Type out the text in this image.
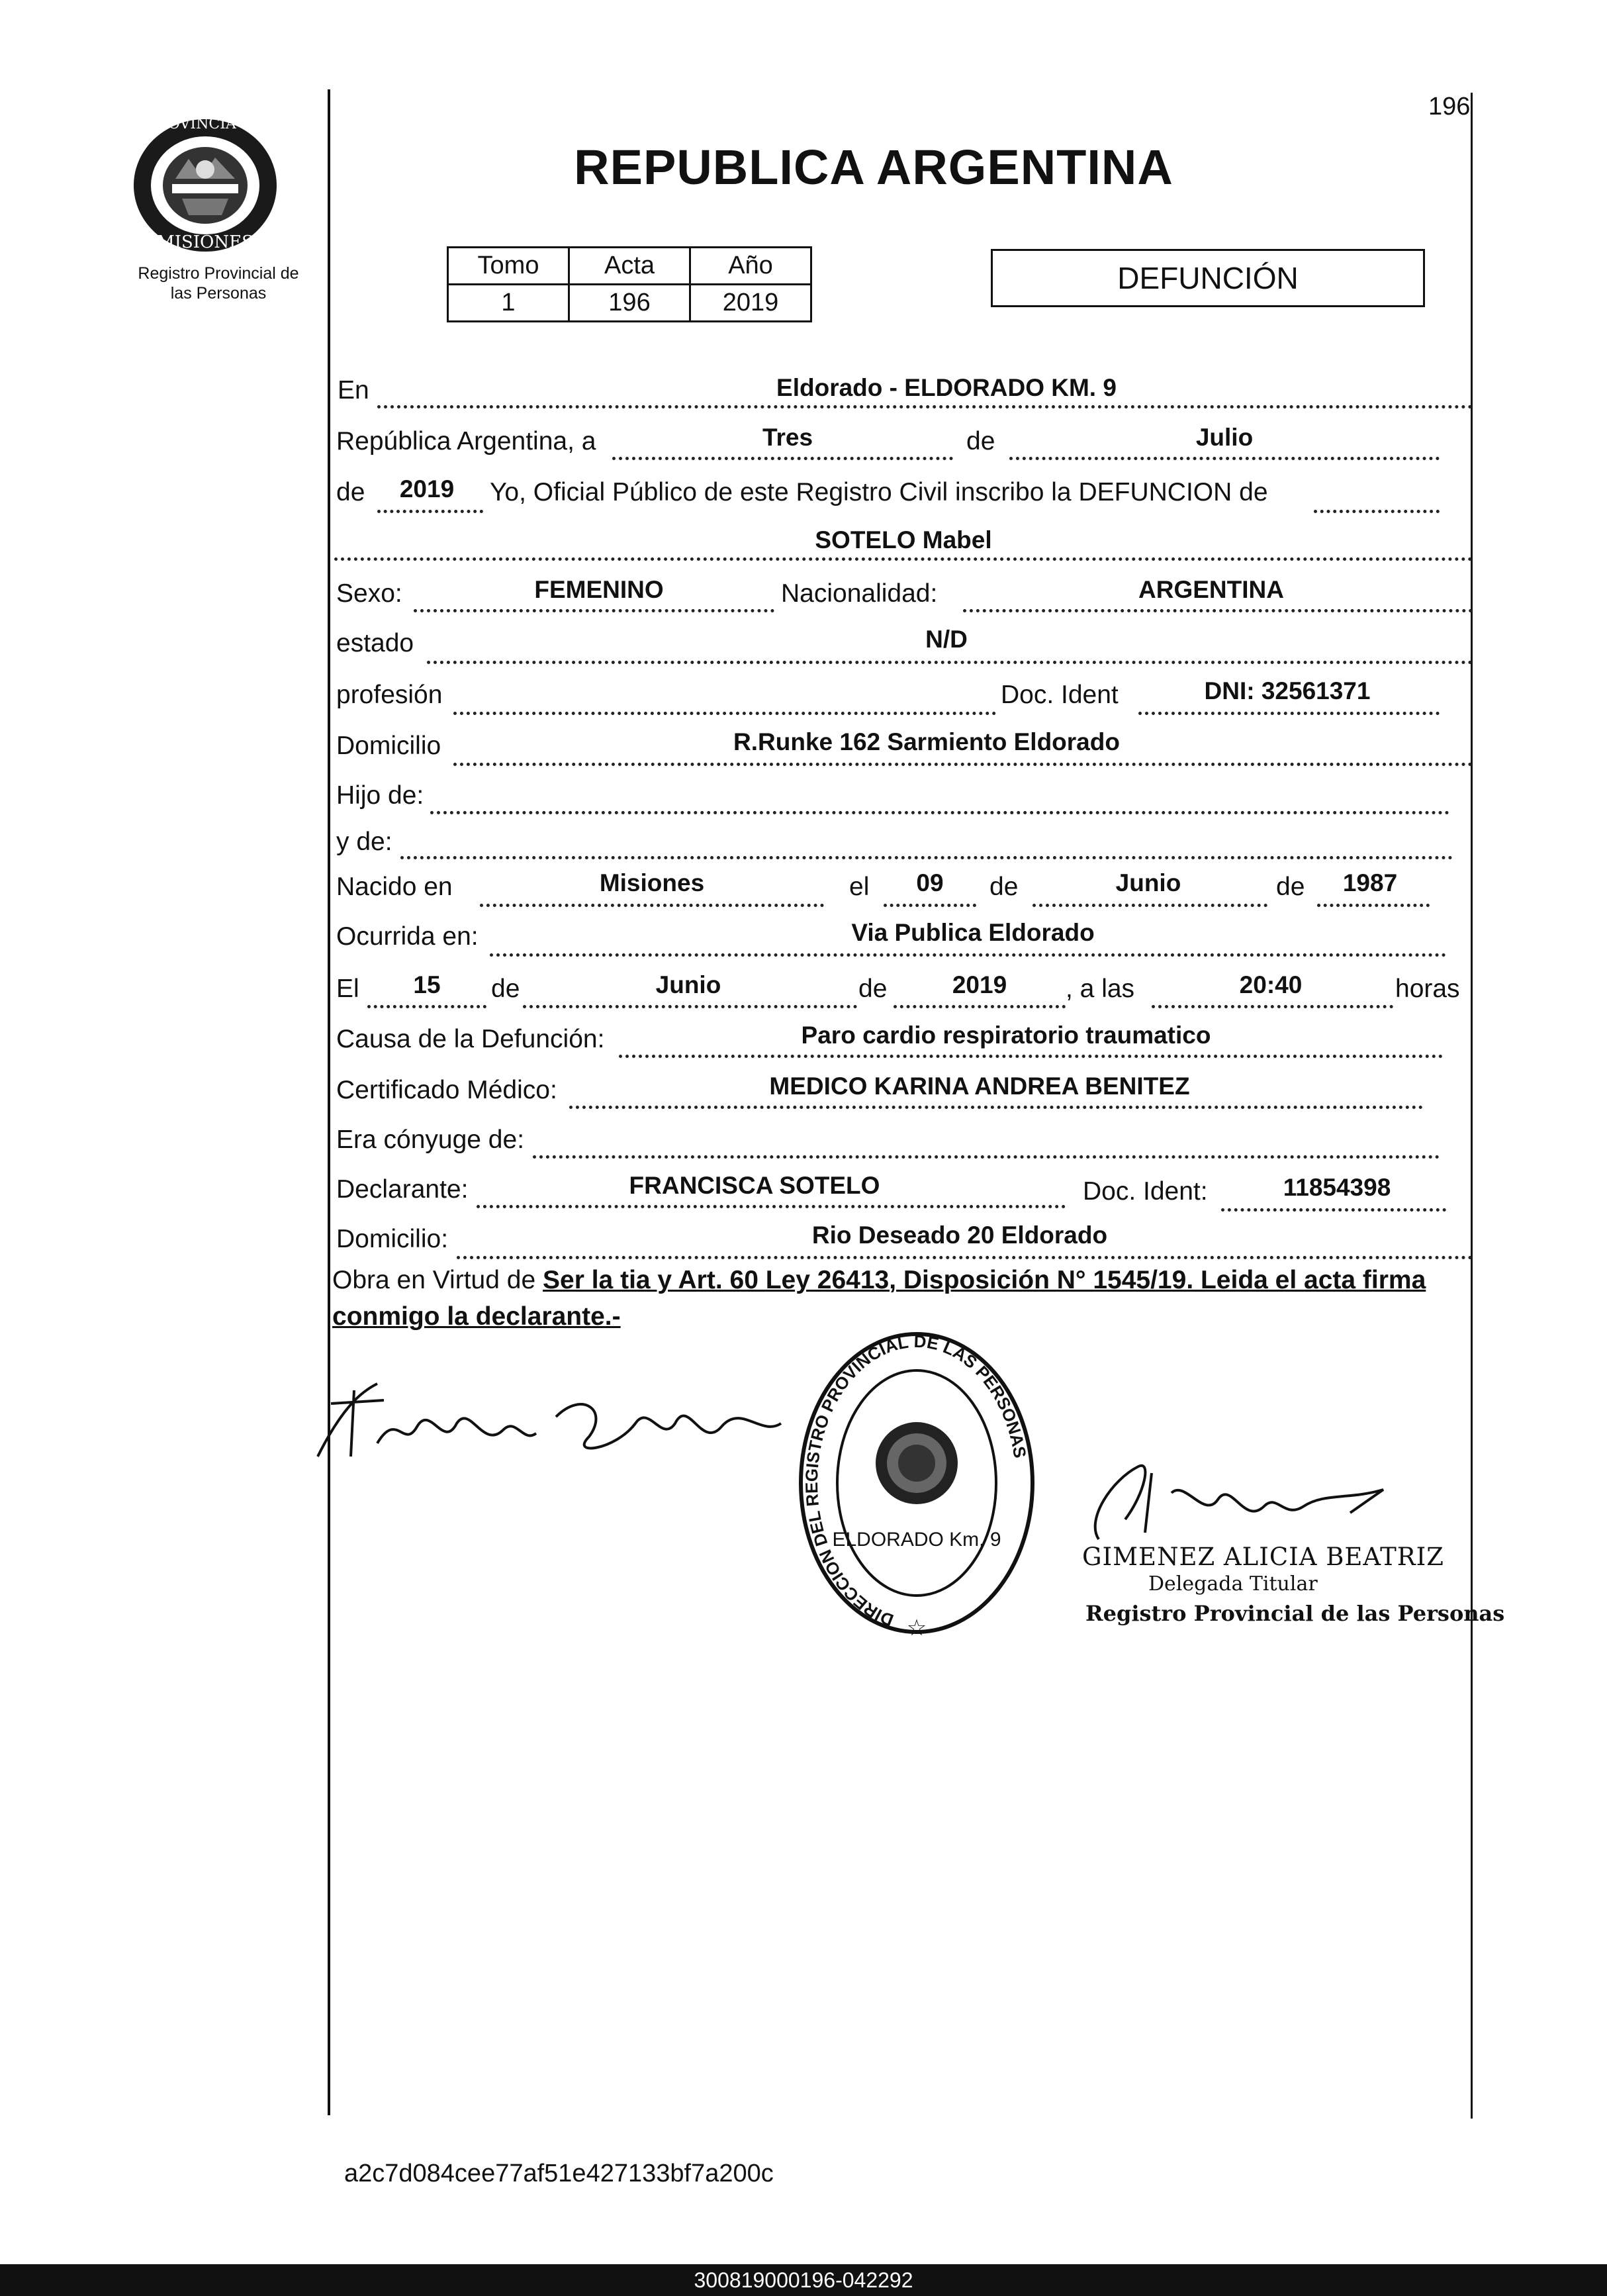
PROVINCIA DE
MISIONES
Registro Provincial de
las Personas
196
REPUBLICA ARGENTINA
Tomo	Acta	Año
1	196	2019
DEFUNCIÓN
En	Eldorado - ELDORADO KM. 9
República Argentina, a	Tres	de	Julio
de	2019	Yo, Oficial Público de este Registro Civil inscribo la DEFUNCION de
SOTELO Mabel
Sexo:	FEMENINO	Nacionalidad:	ARGENTINA
estado	N/D
profesión	Doc. Ident	DNI: 32561371
Domicilio	R.Runke 162 Sarmiento Eldorado
Hijo de:
y de:
Nacido en	Misiones	el	09	de	Junio	de	1987
Ocurrida en:	Via Publica Eldorado
El	15	de	Junio	de	2019	, a las	20:40	horas
Causa de la Defunción:	Paro cardio respiratorio traumatico
Certificado Médico:	MEDICO KARINA ANDREA BENITEZ
Era cónyuge de:
Declarante:	FRANCISCA SOTELO	Doc. Ident:	11854398
Domicilio:	Rio Deseado 20 Eldorado
Obra en Virtud de Ser la tia y Art. 60 Ley 26413, Disposición N° 1545/19. Leida el acta firma conmigo la declarante.-
Francisca Sotelo
DIRECCION DEL REGISTRO PROVINCIAL DE LAS PERSONAS
ELDORADO Km. 9
☆
GIMENEZ ALICIA BEATRIZ
Delegada Titular
Registro Provincial de las Personas
a2c7d084cee77af51e427133bf7a200c
300819000196-042292
